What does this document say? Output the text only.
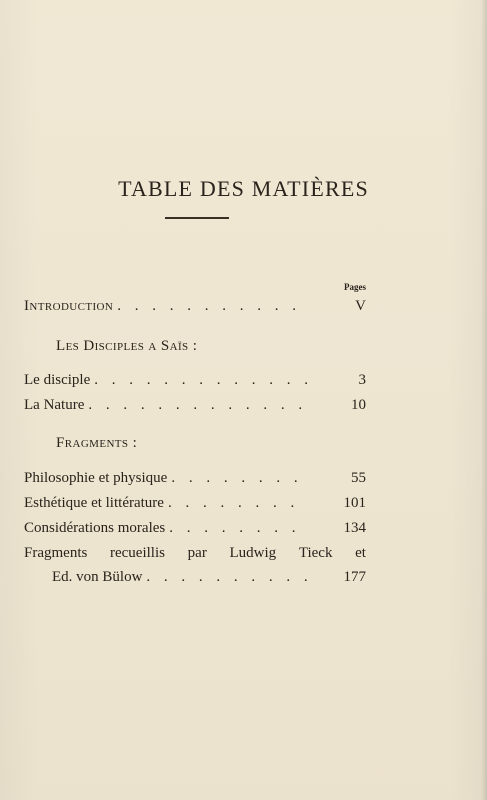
TABLE DES MATIÈRES
Pages
Introduction . . . . . . . . . . .	V
Les Disciples a Saïs :
Le disciple . . . . . . . . . . . . .	3
La Nature . . . . . . . . . . . . .	10
Fragments :
Philosophie et physique . . . . . . . .	55
Esthétique et littérature . . . . . . . .	101
Considérations morales . . . . . . . .	134
Fragments recueillis par Ludwig Tieck et
Ed. von Bülow . . . . . . . . . .	177
